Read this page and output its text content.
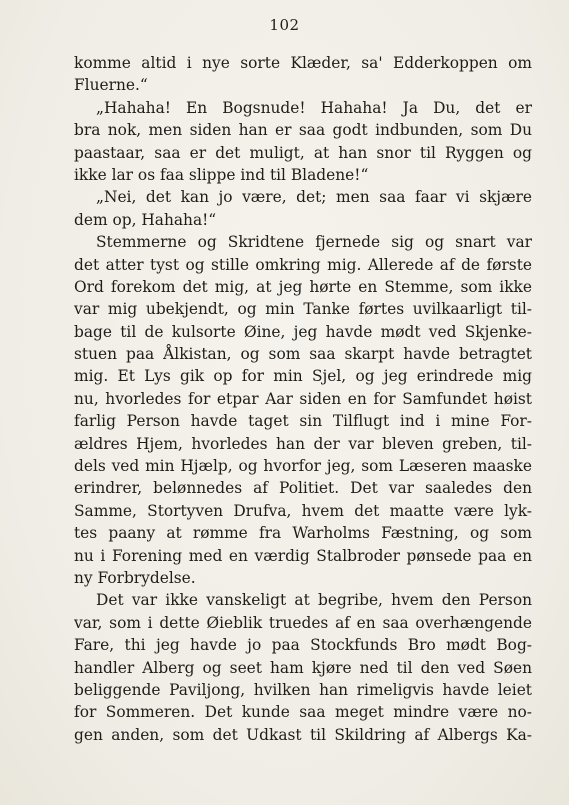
102
komme altid i nye sorte Klæder, sa' Edderkoppen om
Fluerne.“
„Hahaha! En Bogsnude! Hahaha! Ja Du, det er
bra nok, men siden han er saa godt indbunden, som Du
paastaar, saa er det muligt, at han snor til Ryggen og
ikke lar os faa slippe ind til Bladene!“
„Nei, det kan jo være, det; men saa faar vi skjære
dem op, Hahaha!“
Stemmerne og Skridtene fjernede sig og snart var
det atter tyst og stille omkring mig. Allerede af de første
Ord forekom det mig, at jeg hørte en Stemme, som ikke
var mig ubekjendt, og min Tanke førtes uvilkaarligt til-
bage til de kulsorte Øine, jeg havde mødt ved Skjenke-
stuen paa Ålkistan, og som saa skarpt havde betragtet
mig. Et Lys gik op for min Sjel, og jeg erindrede mig
nu, hvorledes for etpar Aar siden en for Samfundet høist
farlig Person havde taget sin Tilflugt ind i mine For-
ældres Hjem, hvorledes han der var bleven greben, til-
dels ved min Hjælp, og hvorfor jeg, som Læseren maaske
erindrer, belønnedes af Politiet. Det var saaledes den
Samme, Stortyven Drufva, hvem det maatte være lyk-
tes paany at rømme fra Warholms Fæstning, og som
nu i Forening med en værdig Stalbroder pønsede paa en
ny Forbrydelse.
Det var ikke vanskeligt at begribe, hvem den Person
var, som i dette Øieblik truedes af en saa overhængende
Fare, thi jeg havde jo paa Stockfunds Bro mødt Bog-
handler Alberg og seet ham kjøre ned til den ved Søen
beliggende Paviljong, hvilken han rimeligvis havde leiet
for Sommeren. Det kunde saa meget mindre være no-
gen anden, som det Udkast til Skildring af Albergs Ka-
